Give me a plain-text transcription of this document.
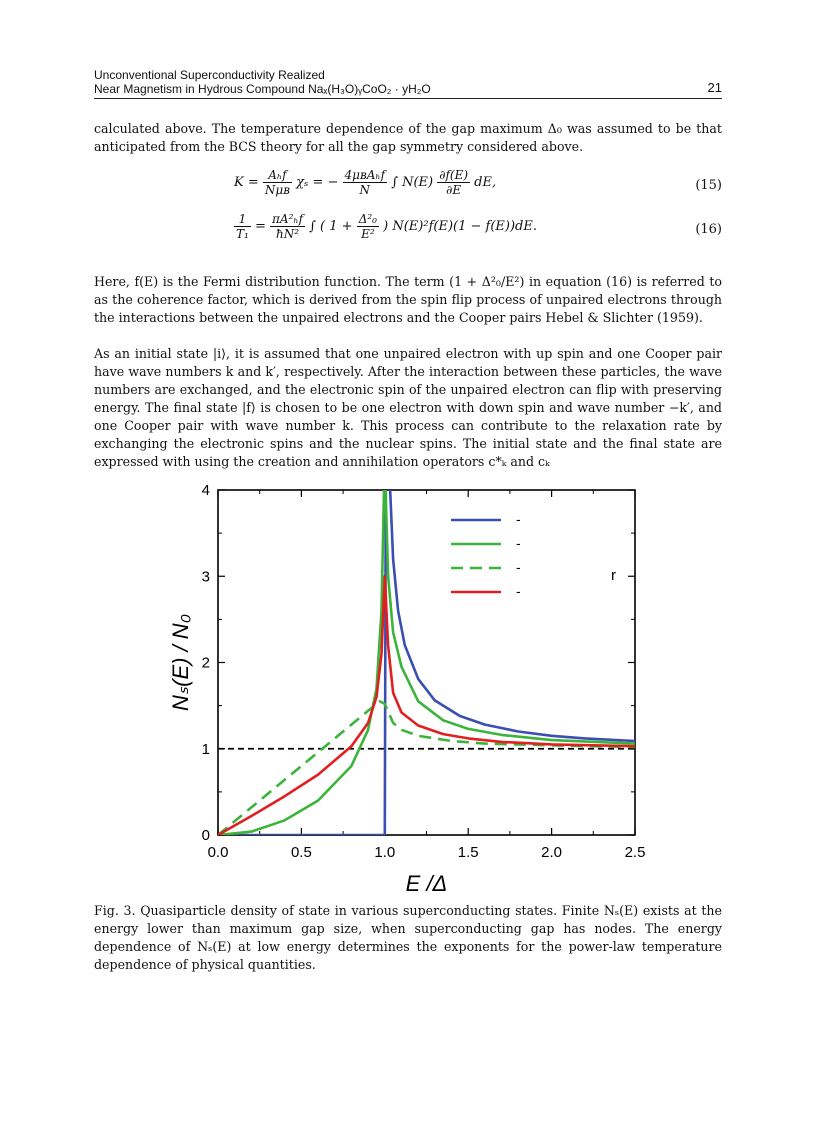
Unconventional Superconductivity Realized
Near Magnetism in Hydrous Compound Naₓ(H₃O)ᵧCoO₂ · yH₂O	21

calculated above. The temperature dependence of the gap maximum Δ₀ was assumed to be that anticipated from the BCS theory for all the gap symmetry considered above.

$K = \frac{\text{Aₕf}}{\text{Nμʙ}}$ χₛ = − $\frac{\text{4μʙAₕf}}{N}$ ∫ $N(E) \frac{\partial f(E)}{\partial E}$ dE,	(15)
$\frac{1}{\text{T₁}} = \frac{\text{πA²ₕf}}{\text{ħN²}}$ ∫ ( $1 + \frac{\text{Δ²₀}}{\text{E²}}$ ) N(E)²f(E)(1 − f(E))dE.	(16)

Here, f(E) is the Fermi distribution function. The term (1 + Δ²₀/E²) in equation (16) is referred to as the coherence factor, which is derived from the spin flip process of unpaired electrons through the interactions between the unpaired electrons and the Cooper pairs Hebel & Slichter (1959).

As an initial state |i⟩, it is assumed that one unpaired electron with up spin and one Cooper pair have wave numbers k and k′, respectively. After the interaction between these particles, the wave numbers are exchanged, and the electronic spin of the unpaired electron can flip with preserving energy. The final state |f⟩ is chosen to be one electron with down spin and wave number −k′, and one Cooper pair with wave number k. This process can contribute to the relaxation rate by exchanging the electronic spins and the nuclear spins. The initial state and the final state are expressed with using the creation and annihilation operators c*ₖ and cₖ

0.0	0.5	1.0	1.5	2.0	2.5
0
1
2
3
4
E /Δ
Nₛ(E) / N₀
-
-
-
-
r

Fig. 3. Quasiparticle density of state in various superconducting states. Finite Nₛ(E) exists at the energy lower than maximum gap size, when superconducting gap has nodes. The energy dependence of Nₛ(E) at low energy determines the exponents for the power-law temperature dependence of physical quantities.
